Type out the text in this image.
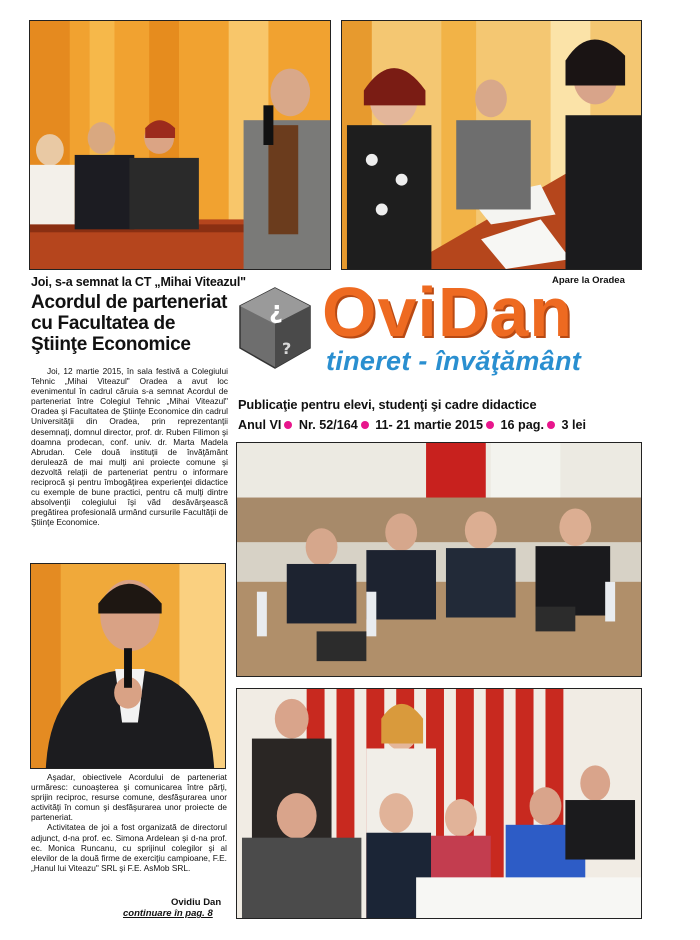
Joi, s-a semnat la CT „Mihai Viteazul"
Acordul de parteneriat cu Facultatea de Ştiinţe Economice

Joi, 12 martie 2015, în sala festivă a Colegiului Tehnic „Mihai Viteazul" Oradea a avut loc evenimentul în cadrul căruia s-a semnat Acordul de parteneriat între Colegiul Tehnic „Mihai Viteazul" Oradea şi Facultatea de Ştiinţe Economice din cadrul Universităţii din Oradea, prin reprezentanţii desemnaţi, domnul director, prof. dr. Ruben Filimon şi doamna prodecan, conf. univ. dr. Marta Madela Abrudan. Cele două instituţii de învăţământ derulează de mai mulţi ani proiecte comune şi dezvoltă relaţii de parteneriat pentru o informare reciprocă şi pentru îmbogăţirea experienţei didactice cu exemple de bune practici, pentru că mulţi dintre absolvenţii colegiului îşi văd desăvârşească pregătirea profesională urmând cursurile Facultăţii de Ştiinţe Economice.

Aşadar, obiectivele Acordului de parteneriat urmăresc: cunoaşterea şi comunicarea între părţi, sprijin reciproc, resurse comune, desfăşurarea unor activităţi în comun şi desfăşurarea unor proiecte de parteneriat.

Activitatea de joi a fost organizată de directorul adjunct, d-na prof. ec. Simona Ardelean şi d-na prof. ec. Monica Runcanu, cu sprijinul colegilor şi al elevilor de la două firme de exerciţiu campioane, F.E. „Hanul lui Viteazu" SRL şi F.E. AsMob SRL.

Ovidiu Dan
continuare în pag. 8
Apare la Oradea
¿
? OviDan
tineret - învăţământ
Publicaţie pentru elevi, studenţi şi cadre didactice
Anul VI Nr. 52/164 11- 21 martie 2015 16 pag. 3 lei
